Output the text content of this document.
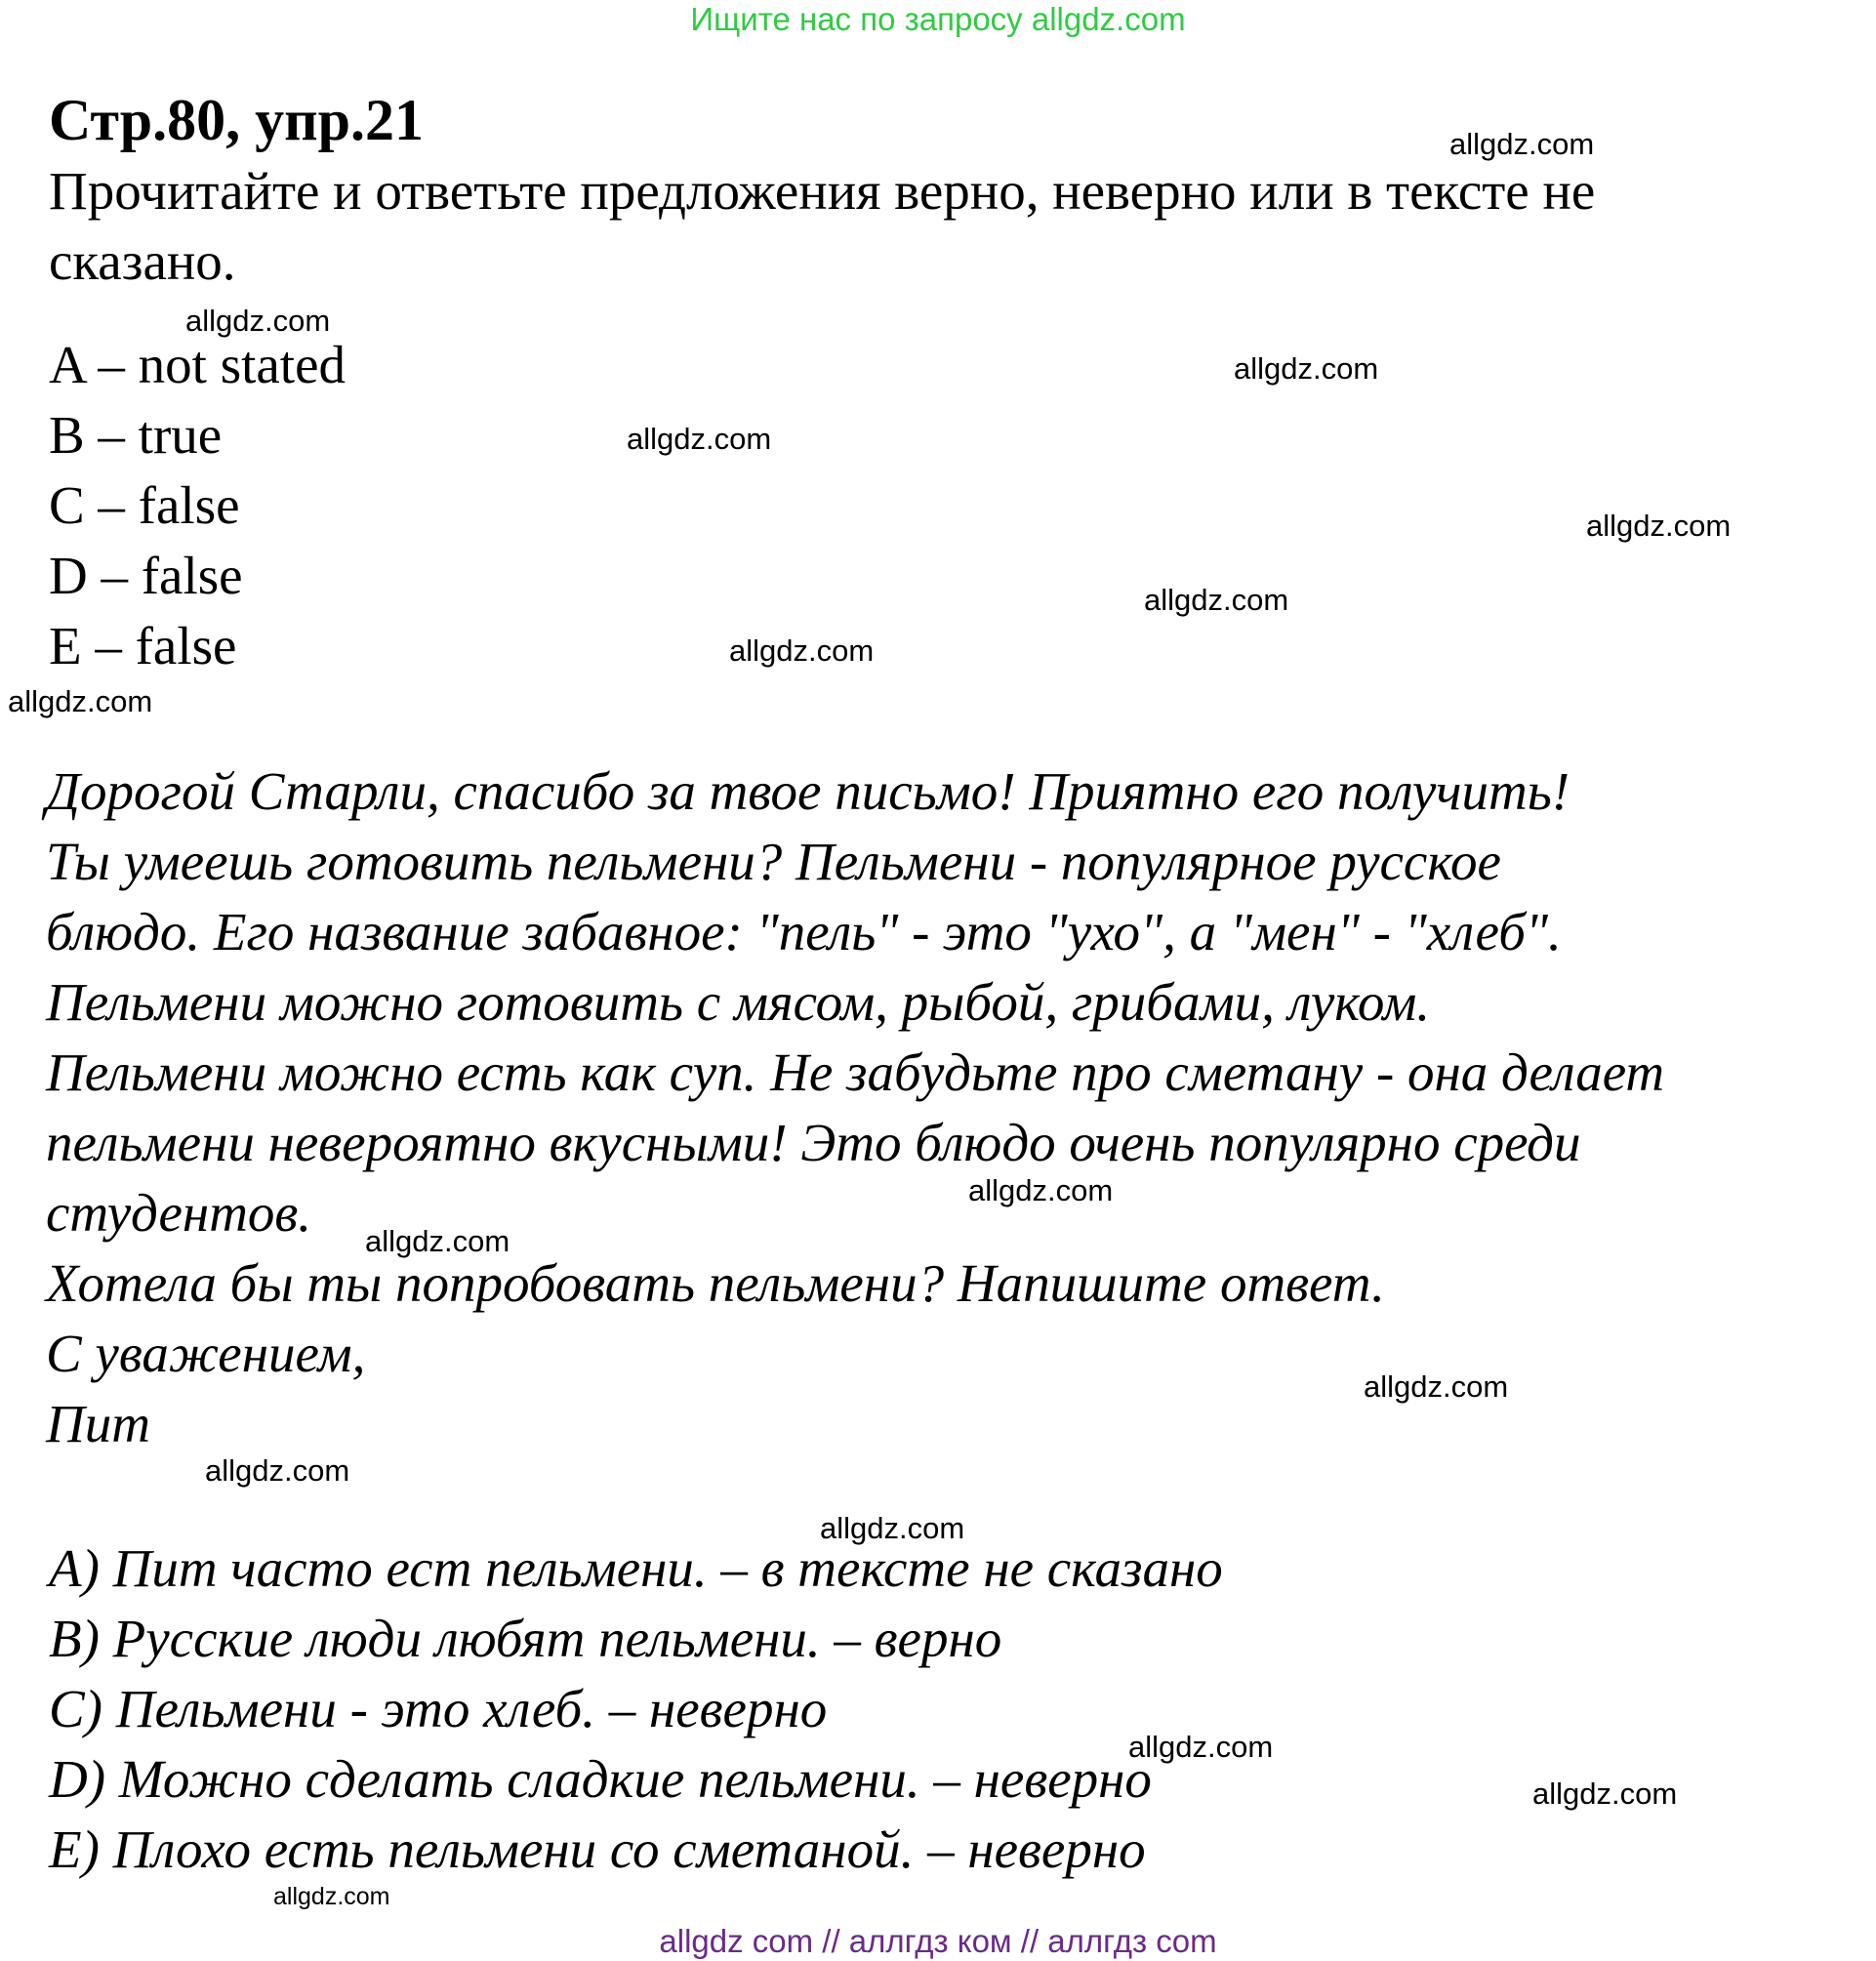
Ищите нас по запросу allgdz.com
Стр.80, упр.21
Прочитайте и ответьте предложения верно, неверно или в тексте не
сказано.
A – not stated
B – true
C – false
D – false
E – false
Дорогой Старли, спасибо за твое письмо! Приятно его получить!
Ты умеешь готовить пельмени? Пельмени - популярное русское
блюдо. Его название забавное: "пель" - это "ухо", а "мен" - "хлеб".
Пельмени можно готовить с мясом, рыбой, грибами, луком.
Пельмени можно есть как суп. Не забудьте про сметану - она делает
пельмени невероятно вкусными! Это блюдо очень популярно среди
студентов.
Хотела бы ты попробовать пельмени? Напишите ответ.
С уважением,
Пит
A) Пит часто ест пельмени. – в тексте не сказано
B) Русские люди любят пельмени. – верно
C) Пельмени - это хлеб. – неверно
D) Можно сделать сладкие пельмени. – неверно
E) Плохо есть пельмени со сметаной. – неверно
allgdz.com
allgdz.com
allgdz.com
allgdz.com
allgdz.com
allgdz.com
allgdz.com
allgdz.com
allgdz.com
allgdz.com
allgdz.com
allgdz.com
allgdz.com
allgdz.com
allgdz.com
allgdz.com
allgdz com // аллгдз ком // аллгдз com
